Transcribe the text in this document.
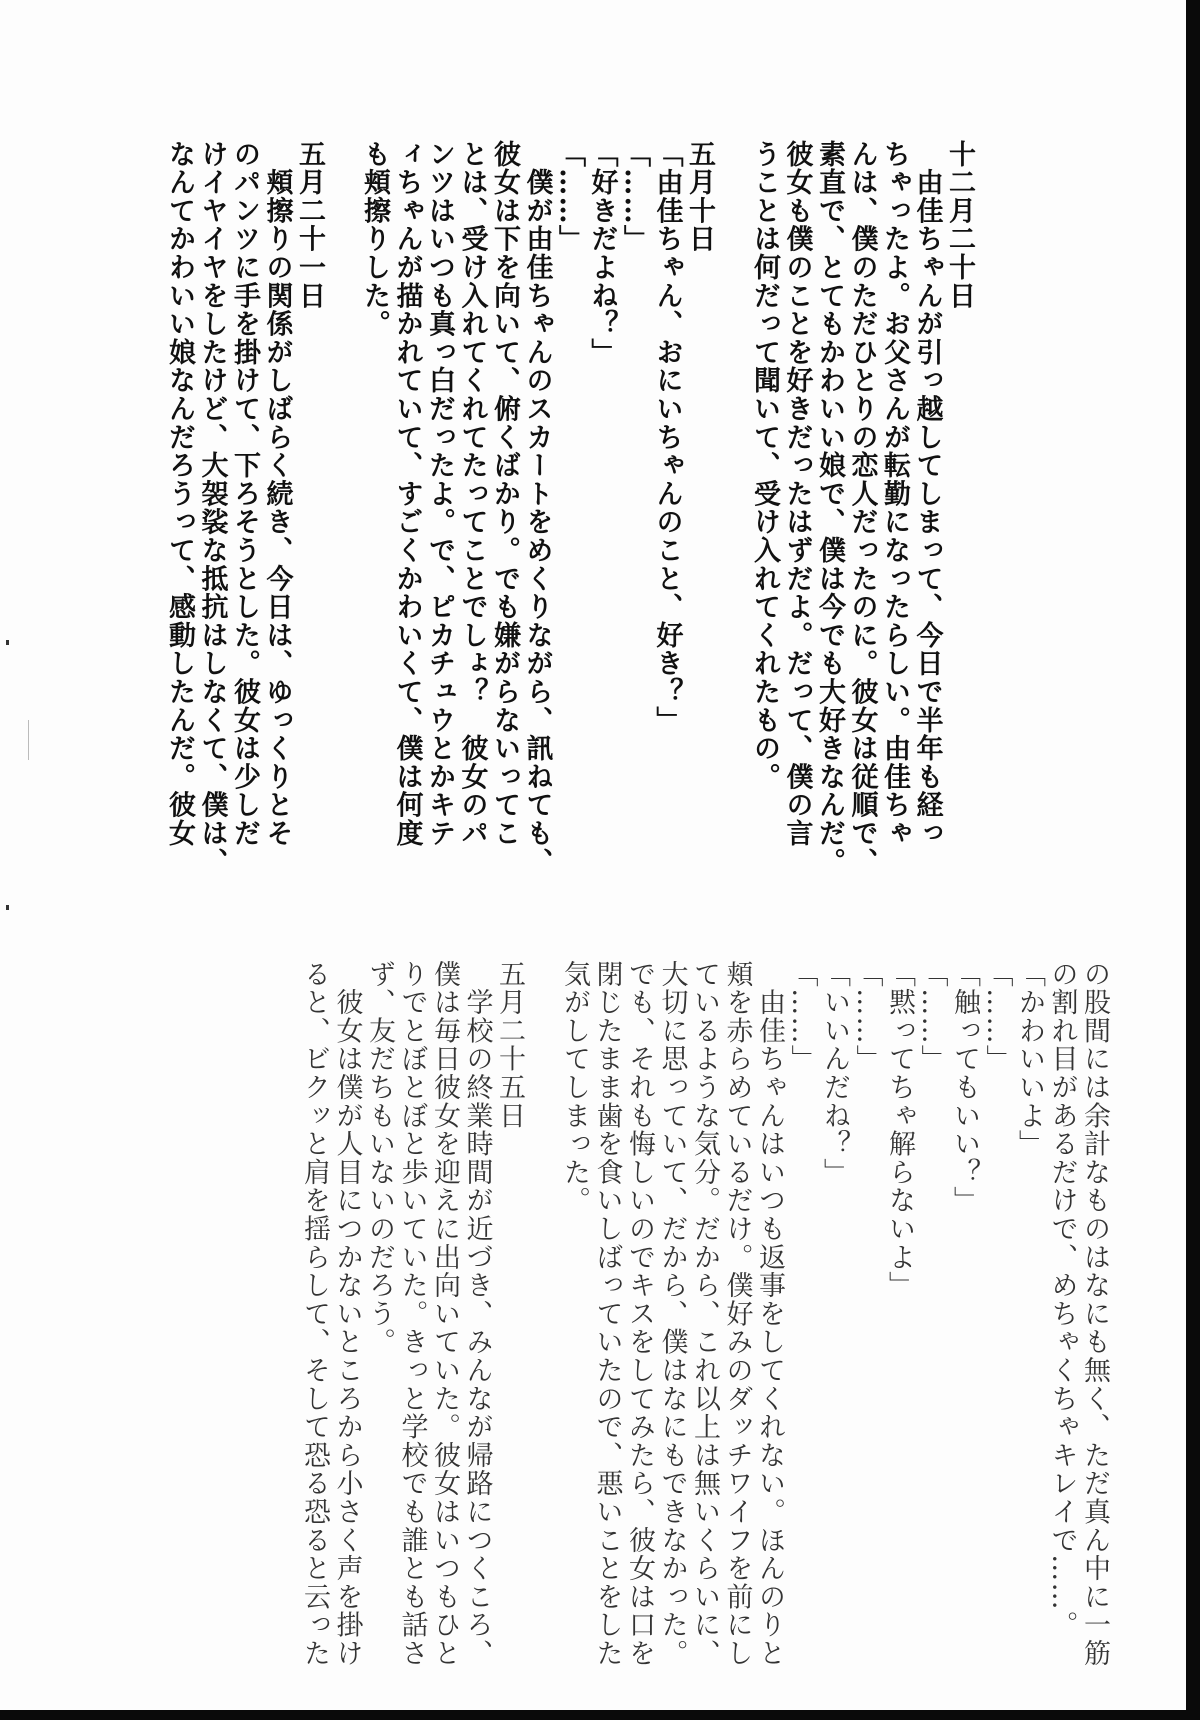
十二月二十日
　由佳ちゃんが引っ越してしまって、今日で半年も経っ
ちゃったよ。お父さんが転勤になったらしい。由佳ちゃ
んは、僕のただひとりの恋人だったのに。彼女は従順で、
素直で、とてもかわいい娘で、僕は今でも大好きなんだ。
彼女も僕のことを好きだったはずだよ。だって、僕の言
うことは何だって聞いて、受け入れてくれたもの。

五月十日
「由佳ちゃん、おにいちゃんのこと、好き？」
「……」
「好きだよね？」
「……」
　僕が由佳ちゃんのスカートをめくりながら、訊ねても、
彼女は下を向いて、俯くばかり。でも嫌がらないってこ
とは、受け入れてくれてたってことでしょ？　彼女のパ
ンツはいつも真っ白だったよ。で、ピカチュウとかキテ
ィちゃんが描かれていて、すごくかわいくて、僕は何度
も頬擦りした。

五月二十一日
　頬擦りの関係がしばらく続き、今日は、ゆっくりとそ
のパンツに手を掛けて、下ろそうとした。彼女は少しだ
けイヤイヤをしたけど、大袈裟な抵抗はしなくて、僕は、
なんてかわいい娘なんだろうって、感動したんだ。彼女
の股間には余計なものはなにも無く、ただ真ん中に一筋
の割れ目があるだけで、めちゃくちゃキレイで……。
「かわいいよ」
「……」
「触ってもいい？」
「……」
「黙ってちゃ解らないよ」
「……」
「いいんだね？」
「……」
　由佳ちゃんはいつも返事をしてくれない。ほんのりと
頬を赤らめているだけ。僕好みのダッチワイフを前にし
ているような気分。だから、これ以上は無いくらいに、
大切に思っていて、だから、僕はなにもできなかった。
でも、それも悔しいのでキスをしてみたら、彼女は口を
閉じたまま歯を食いしばっていたので、悪いことをした
気がしてしまった。

五月二十五日
　学校の終業時間が近づき、みんなが帰路につくころ、
僕は毎日彼女を迎えに出向いていた。彼女はいつもひと
りでとぼとぼと歩いていた。きっと学校でも誰とも話さ
ず、友だちもいないのだろう。
　彼女は僕が人目につかないところから小さく声を掛け
ると、ビクッと肩を揺らして、そして恐る恐ると云った
